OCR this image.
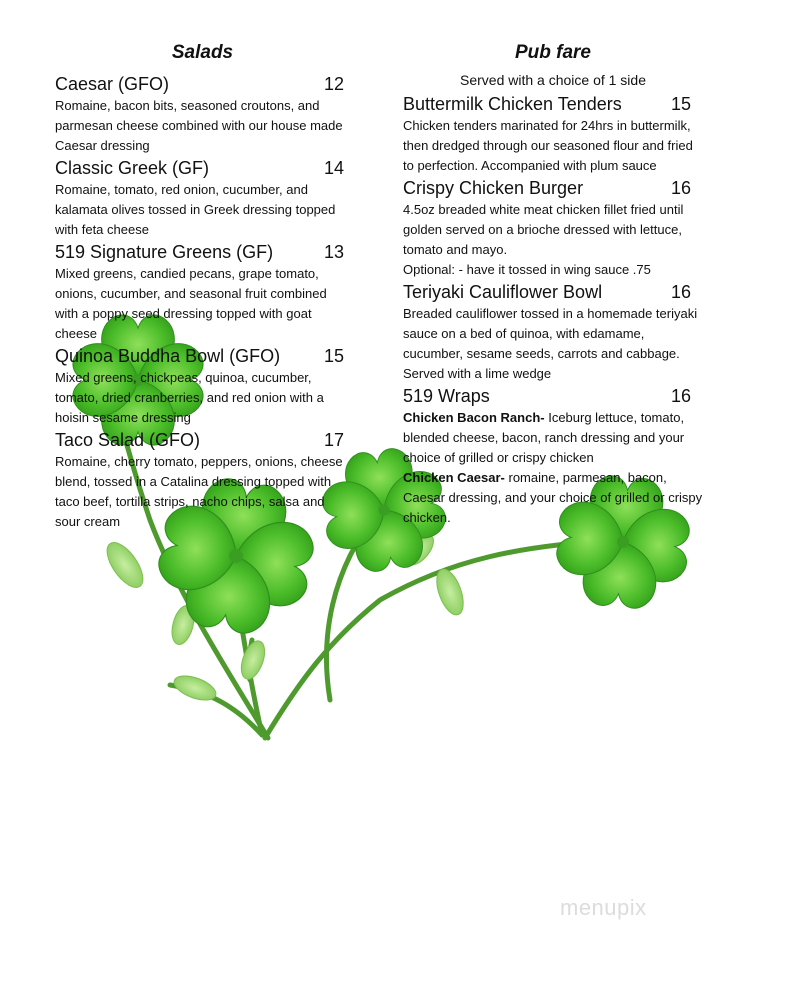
Salads
Caesar (GFO)	12

Romaine, bacon bits, seasoned croutons, and parmesan cheese combined with our house made Caesar dressing

Classic Greek (GF)	14

Romaine, tomato, red onion, cucumber, and kalamata olives tossed in Greek dressing topped with feta cheese

519 Signature Greens (GF)	13

Mixed greens, candied pecans, grape tomato, onions, cucumber, and seasonal fruit combined with a poppy seed dressing topped with goat cheese

Quinoa Buddha Bowl (GFO) 15

Mixed greens, chickpeas, quinoa, cucumber, tomato, dried cranberries, and red onion with a hoisin sesame dressing

Taco Salad (GFO)	17

Romaine, cherry tomato, peppers, onions, cheese blend, tossed in a Catalina dressing topped with taco beef, tortilla strips, nacho chips, salsa and sour cream

Pub fare
Served with a choice of 1 side
Buttermilk Chicken Tenders	15

Chicken tenders marinated for 24hrs in buttermilk, then dredged through our seasoned flour and fried to perfection. Accompanied with plum sauce

Crispy Chicken Burger	16

4.5oz breaded white meat chicken fillet fried until golden served on a brioche dressed with lettuce, tomato and mayo.

Optional: - have it tossed in wing sauce .75

Teriyaki Cauliflower Bowl	16

Breaded cauliflower tossed in a homemade teriyaki sauce on a bed of quinoa, with edamame, cucumber, sesame seeds, carrots and cabbage. Served with a lime wedge

519 Wraps	16

Chicken Bacon Ranch- Iceburg lettuce, tomato, blended cheese, bacon, ranch dressing and your choice of grilled or crispy chicken

Chicken Caesar- romaine, parmesan, bacon, Caesar dressing, and your choice of grilled or crispy chicken.

menupix
